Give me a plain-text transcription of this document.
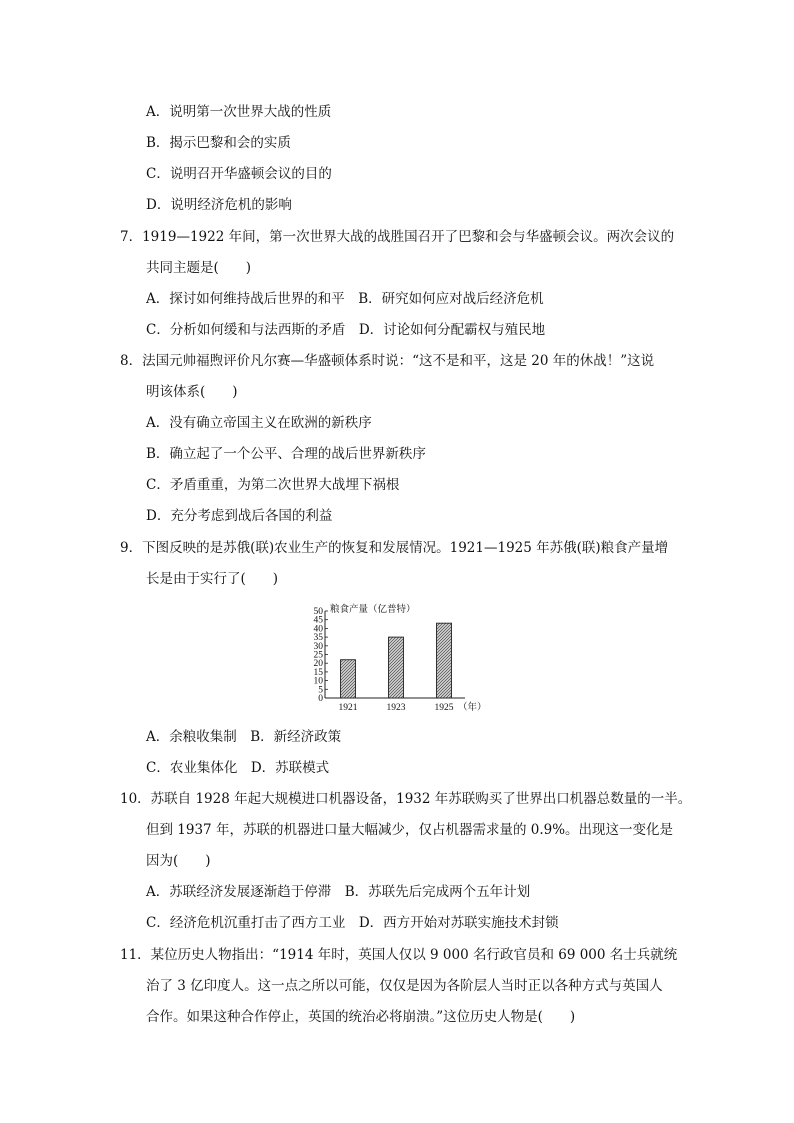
A．说明第一次世界大战的性质
B．揭示巴黎和会的实质
C．说明召开华盛顿会议的目的
D．说明经济危机的影响
7．1919—1922 年间，第一次世界大战的战胜国召开了巴黎和会与华盛顿会议。两次会议的
共同主题是(　　)
A．探讨如何维持战后世界的和平　B．研究如何应对战后经济危机
C．分析如何缓和与法西斯的矛盾　D．讨论如何分配霸权与殖民地
8．法国元帅福煦评价凡尔赛—华盛顿体系时说：“这不是和平，这是 20 年的休战！”这说
明该体系(　　)
A．没有确立帝国主义在欧洲的新秩序
B．确立起了一个公平、合理的战后世界新秩序
C．矛盾重重，为第二次世界大战埋下祸根
D．充分考虑到战后各国的利益
9．下图反映的是苏俄(联)农业生产的恢复和发展情况。1921—1925 年苏俄(联)粮食产量增
长是由于实行了(　　)
0
5
10
15
20
25
30
35
40
45
50 粮食产量（亿普特）
1921	1923	1925 （年）
A．余粮收集制　B．新经济政策
C．农业集体化　D．苏联模式
10．苏联自 1928 年起大规模进口机器设备，1932 年苏联购买了世界出口机器总数量的一半。
但到 1937 年，苏联的机器进口量大幅减少，仅占机器需求量的 0.9%。出现这一变化是
因为(　　)
A．苏联经济发展逐渐趋于停滞　B．苏联先后完成两个五年计划
C．经济危机沉重打击了西方工业　D．西方开始对苏联实施技术封锁
11．某位历史人物指出：“1914 年时，英国人仅以 9 000 名行政官员和 69 000 名士兵就统
治了 3 亿印度人。这一点之所以可能，仅仅是因为各阶层人当时正以各种方式与英国人
合作。如果这种合作停止，英国的统治必将崩溃。”这位历史人物是(　　)
